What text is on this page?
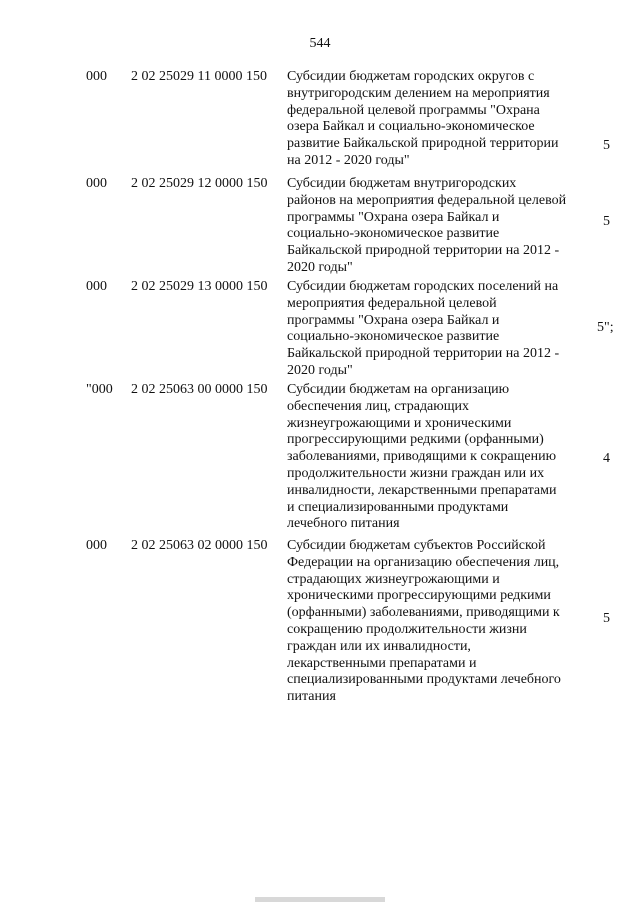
544
000 2 02 25029 11 0000 150 Субсидии бюджетам городских округов с
внутригородским делением на мероприятия
федеральной целевой программы "Охрана
озера Байкал и социально-экономическое
развитие Байкальской природной территории
на 2012 - 2020 годы"
5
000 2 02 25029 12 0000 150 Субсидии бюджетам внутригородских
районов на мероприятия федеральной целевой
программы "Охрана озера Байкал и
социально-экономическое развитие
Байкальской природной территории на 2012 -
2020 годы"
5
000 2 02 25029 13 0000 150 Субсидии бюджетам городских поселений на
мероприятия федеральной целевой
программы "Охрана озера Байкал и
социально-экономическое развитие
Байкальской природной территории на 2012 -
2020 годы"
5";
"000 2 02 25063 00 0000 150 Субсидии бюджетам на организацию
обеспечения лиц, страдающих
жизнеугрожающими и хроническими
прогрессирующими редкими (орфанными)
заболеваниями, приводящими к сокращению
продолжительности жизни граждан или их
инвалидности, лекарственными препаратами
и специализированными продуктами
лечебного питания
4
000 2 02 25063 02 0000 150 Субсидии бюджетам субъектов Российской
Федерации на организацию обеспечения лиц,
страдающих жизнеугрожающими и
хроническими прогрессирующими редкими
(орфанными) заболеваниями, приводящими к
сокращению продолжительности жизни
граждан или их инвалидности,
лекарственными препаратами и
специализированными продуктами лечебного
питания
5
